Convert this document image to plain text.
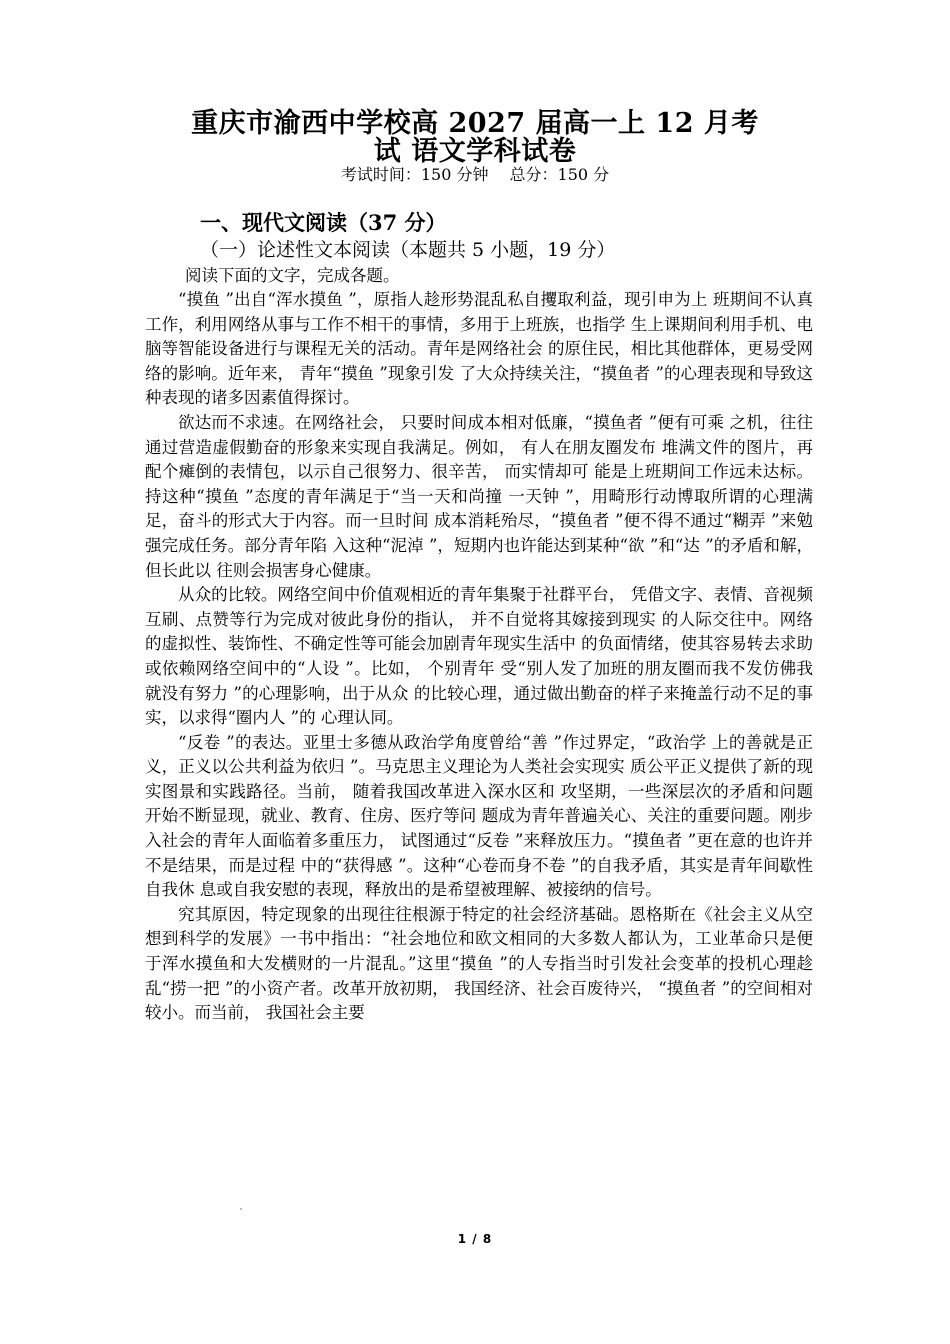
重庆市渝西中学校高 2027 届高一上 12 月考
试 语文学科试卷
考试时间：150 分钟　 总分：150 分
一、现代文阅读（37 分）
（一）论述性文本阅读（本题共 5 小题，19 分）
阅读下面的文字，完成各题。

“摸鱼 ”出自“浑水摸鱼 ”，原指人趁形势混乱私自攫取利益，现引申为上 班期间不认真工作，利用网络从事与工作不相干的事情，多用于上班族，也指学 生上课期间利用手机、电脑等智能设备进行与课程无关的活动。青年是网络社会 的原住民，相比其他群体，更易受网络的影响。近年来， 青年“摸鱼 ”现象引发 了大众持续关注，“摸鱼者 ”的心理表现和导致这种表现的诸多因素值得探讨。

欲达而不求速。在网络社会， 只要时间成本相对低廉，“摸鱼者 ”便有可乘 之机，往往通过营造虚假勤奋的形象来实现自我满足。例如， 有人在朋友圈发布 堆满文件的图片，再配个瘫倒的表情包，以示自己很努力、很辛苦， 而实情却可 能是上班期间工作远未达标。持这种“摸鱼 ”态度的青年满足于“当一天和尚撞 一天钟 ”，用畸形行动博取所谓的心理满足，奋斗的形式大于内容。而一旦时间 成本消耗殆尽，“摸鱼者 ”便不得不通过“糊弄 ”来勉强完成任务。部分青年陷 入这种“泥淖 ”，短期内也许能达到某种“欲 ”和“达 ”的矛盾和解，但长此以 往则会损害身心健康。

从众的比较。网络空间中价值观相近的青年集聚于社群平台， 凭借文字、表情、音视频互刷、点赞等行为完成对彼此身份的指认， 并不自觉将其嫁接到现实 的人际交往中。网络的虚拟性、装饰性、不确定性等可能会加剧青年现实生活中 的负面情绪，使其容易转去求助或依赖网络空间中的“人设 ”。比如， 个别青年 受“别人发了加班的朋友圈而我不发仿佛我就没有努力 ”的心理影响，出于从众 的比较心理，通过做出勤奋的样子来掩盖行动不足的事实，以求得“圈内人 ”的 心理认同。

“反卷 ”的表达。亚里士多德从政治学角度曾给“善 ”作过界定，“政治学 上的善就是正义，正义以公共利益为依归 ”。马克思主义理论为人类社会实现实 质公平正义提供了新的现实图景和实践路径。当前， 随着我国改革进入深水区和 攻坚期，一些深层次的矛盾和问题开始不断显现，就业、教育、住房、医疗等问 题成为青年普遍关心、关注的重要问题。刚步入社会的青年人面临着多重压力， 试图通过“反卷 ”来释放压力。“摸鱼者 ”更在意的也许并不是结果，而是过程 中的“获得感 ”。这种“心卷而身不卷 ”的自我矛盾，其实是青年间歇性自我休 息或自我安慰的表现，释放出的是希望被理解、被接纳的信号。

究其原因，特定现象的出现往往根源于特定的社会经济基础。恩格斯在《社会主义从空想到科学的发展》一书中指出：“社会地位和欧文相同的大多数人都认为，工业革命只是便于浑水摸鱼和大发横财的一片混乱。”这里“摸鱼 ”的人专指当时引发社会变革的投机心理趁乱“捞一把 ”的小资产者。改革开放初期， 我国经济、社会百废待兴， “摸鱼者 ”的空间相对较小。而当前， 我国社会主要

1 / 8
